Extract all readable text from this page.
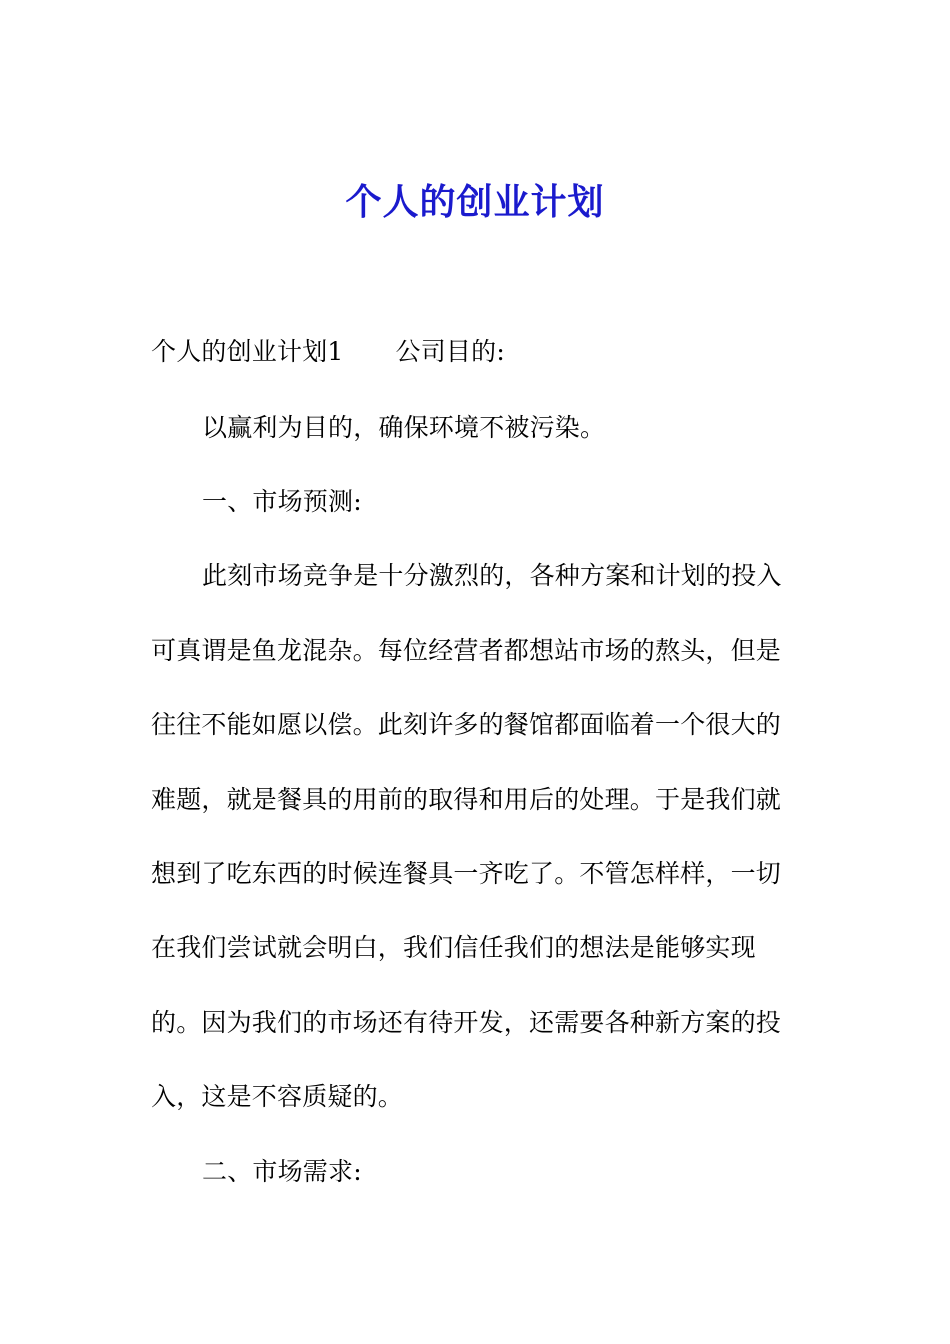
个人的创业计划
个人的创业计划1 公司目的:
以赢利为目的，确保环境不被污染。
一、市场预测:
此刻市场竞争是十分激烈的，各种方案和计划的投入
可真谓是鱼龙混杂。每位经营者都想站市场的熬头，但是
往往不能如愿以偿。此刻许多的餐馆都面临着一个很大的
难题，就是餐具的用前的取得和用后的处理。于是我们就
想到了吃东西的时候连餐具一齐吃了。不管怎样样，一切
在我们尝试就会明白，我们信任我们的想法是能够实现
的。因为我们的市场还有待开发，还需要各种新方案的投
入，这是不容质疑的。
二、市场需求:
